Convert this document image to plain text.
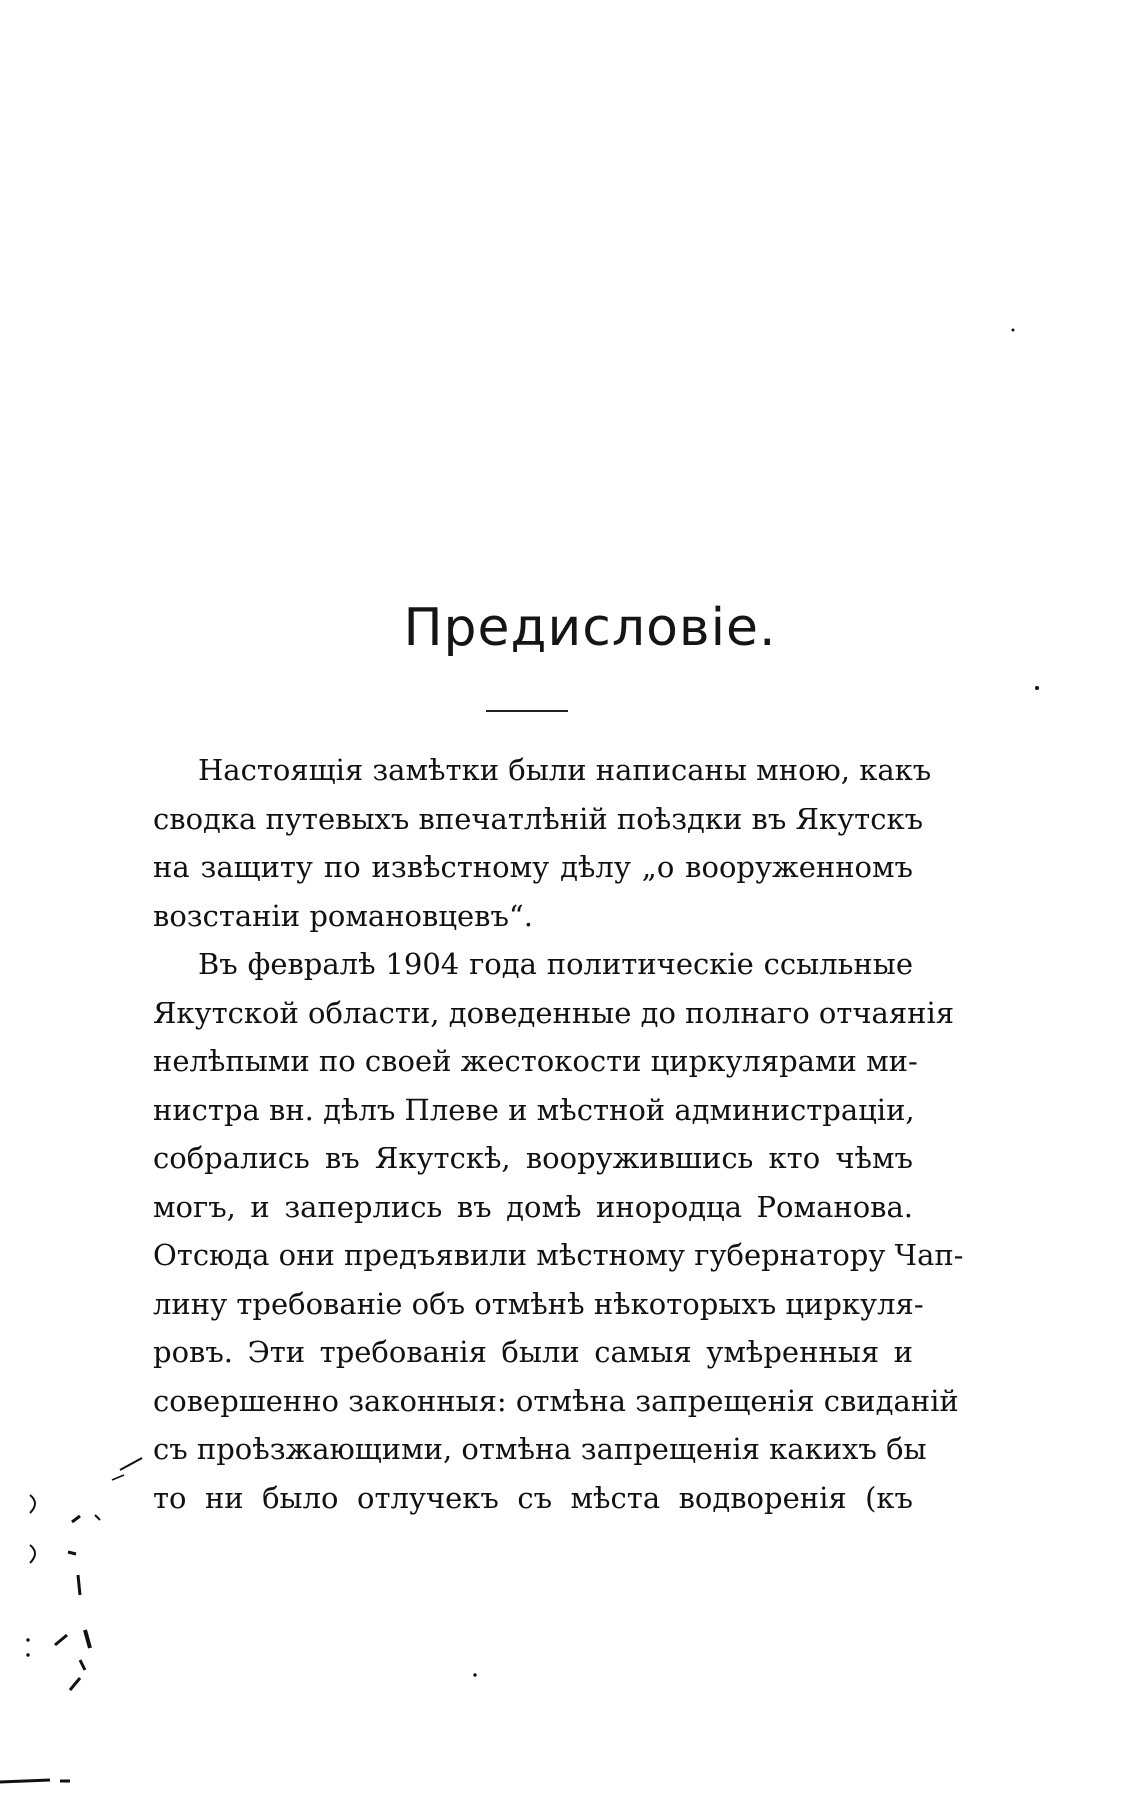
Предисловіе.

Настоящія замѣтки были написаны мною, какъ
сводка путевыхъ впечатлѣній поѣздки въ Якутскъ
на защиту по извѣстному дѣлу „о вооруженномъ
возстаніи романовцевъ“.

Въ февралѣ 1904 года политическіе ссыльные
Якутской области, доведенные до полнаго отчаянія
нелѣпыми по своей жестокости циркулярами ми-
нистра вн. дѣлъ Плеве и мѣстной администраціи,
собрались въ Якутскѣ, вооружившись кто чѣмъ
могъ, и заперлись въ домѣ инородца Романова.
Отсюда они предъявили мѣстному губернатору Чап-
лину требованіе объ отмѣнѣ нѣкоторыхъ циркуля-
ровъ. Эти требованія были самыя умѣренныя и
совершенно законныя: отмѣна запрещенія свиданій
съ проѣзжающими, отмѣна запрещенія какихъ бы
то ни было отлучекъ съ мѣста водворенія (къ
